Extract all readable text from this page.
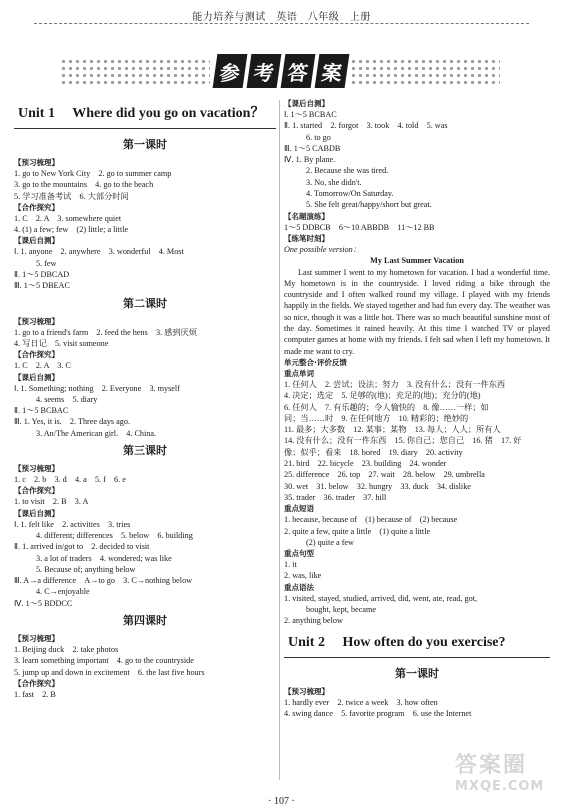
能力培养与测试　英语　八年级　上册
参 考 答 案
Unit 1　 Where did you go on vacation？
第一课时
【预习梳理】
1. go to New York City　2. go to summer camp
3. go to the mountains　4. go to the beach
5. 学习准备考试　6. 大部分时间
【合作探究】
1. C　2. A　3. somewhere quiet
4. (1) a few; few　(2) little; a little
【课后自测】
Ⅰ. 1. anyone　2. anywhere　3. wonderful　4. Most
5. few
Ⅱ. 1～5 DBCAD
Ⅲ. 1～5 DBEAC
第二课时
【预习梳理】
1. go to a friend's farm　2. feed the hens　3. 感到厌烦
4. 写日记　5. visit someone
【合作探究】
1. C　2. A　3. C
【课后自测】
Ⅰ. 1. Something; nothing　2. Everyone　3. myself
4. seems　5. diary
Ⅱ. 1～5 BCBAC
Ⅲ. 1. Yes, it is.　2. Three days ago.
3. An/The American girl.　4. China.
第三课时
【预习梳理】
1. c　2. b　3. d　4. a　5. f　6. e
【合作探究】
1. to visit　2. B　3. A
【课后自测】
Ⅰ. 1. felt like　2. activities　3. tries
4. different; differences　5. below　6. building
Ⅱ. 1. arrived in/got to　2. decided to visit
3. a lot of traders　4. wondered; was like
5. Because of; anything below
Ⅲ. A→a difference　A→to go　3. C→nothing below
4. C→enjoyable
Ⅳ. 1～5 BDDCC
第四课时
【预习梳理】
1. Beijing duck　2. take photos
3. learn something important　4. go to the countryside
5. jump up and down in excitement　6. the last five hours
【合作探究】
1. fast　2. B
【课后自测】
Ⅰ. 1～5 BCBAC
Ⅱ. 1. started　2. forgot　3. took　4. told　5. was
6. to go
Ⅲ. 1～5 CABDB
Ⅳ. 1. By plane.
2. Because she was tired.
3. No, she didn't.
4. Tomorrow/On Saturday.
5. She felt great/happy/short but great.
【名题演练】
1～5 DDBCB　6～10 ABBDB　11～12 BB
【练笔时刻】
One possible version：
My Last Summer Vacation
Last summer I went to my hometown for vacation. I had a wonderful time. My hometown is in the countryside. I loved riding a bike through the countryside and I often walked round my village. I played with my friends happily in the fields. We stayed together and had fun every day. The weather was so nice, though it was a little hot. There was so much beautiful sunshine most of the day. Sometimes it rained heavily. At this time I watched TV or played computer games at home with my friends. I felt sad when I left my hometown. It made me want to cry.
单元整合·评价反馈
重点单词
1. 任何人　2. 尝试；设法；努力　3. 没有什么；没有一件东西
4. 决定；选定　5. 足够的(地)；充足的(地)；充分的(地)
6. 任何人　7. 有乐趣的；令人愉快的　8. 像……一样；如
同；当……时　9. 在任何地方　10. 精彩的；绝妙的
11. 最多；大多数　12. 某事；某物　13. 每人；人人；所有人
14. 没有什么；没有一件东西　15. 你自己；您自己　16. 猪　17. 好
像；似乎；看来　18. bored　19. diary　20. activity
21. bird　22. bicycle　23. building　24. wonder
25. difference　26. top　27. wait　28. below　29. umbrella
30. wet　31. below　32. hungry　33. duck　34. dislike
35. trader　36. trader　37. hill
重点短语
1. because, because of　(1) because of　(2) because
2. quite a few, quite a little　(1) quite a little
(2) quite a few
重点句型
1. it
2. was, like
重点语法
1. visited, stayed, studied, arrived, did, went, ate, read, got,
bought, kept, became
2. anything below
Unit 2　 How often do you exercise?
第一课时
【预习梳理】
1. hardly ever　2. twice a week　3. how often
4. swing dance　5. favorite program　6. use the Internet
· 107 ·
答案圈
MXQE.COM
